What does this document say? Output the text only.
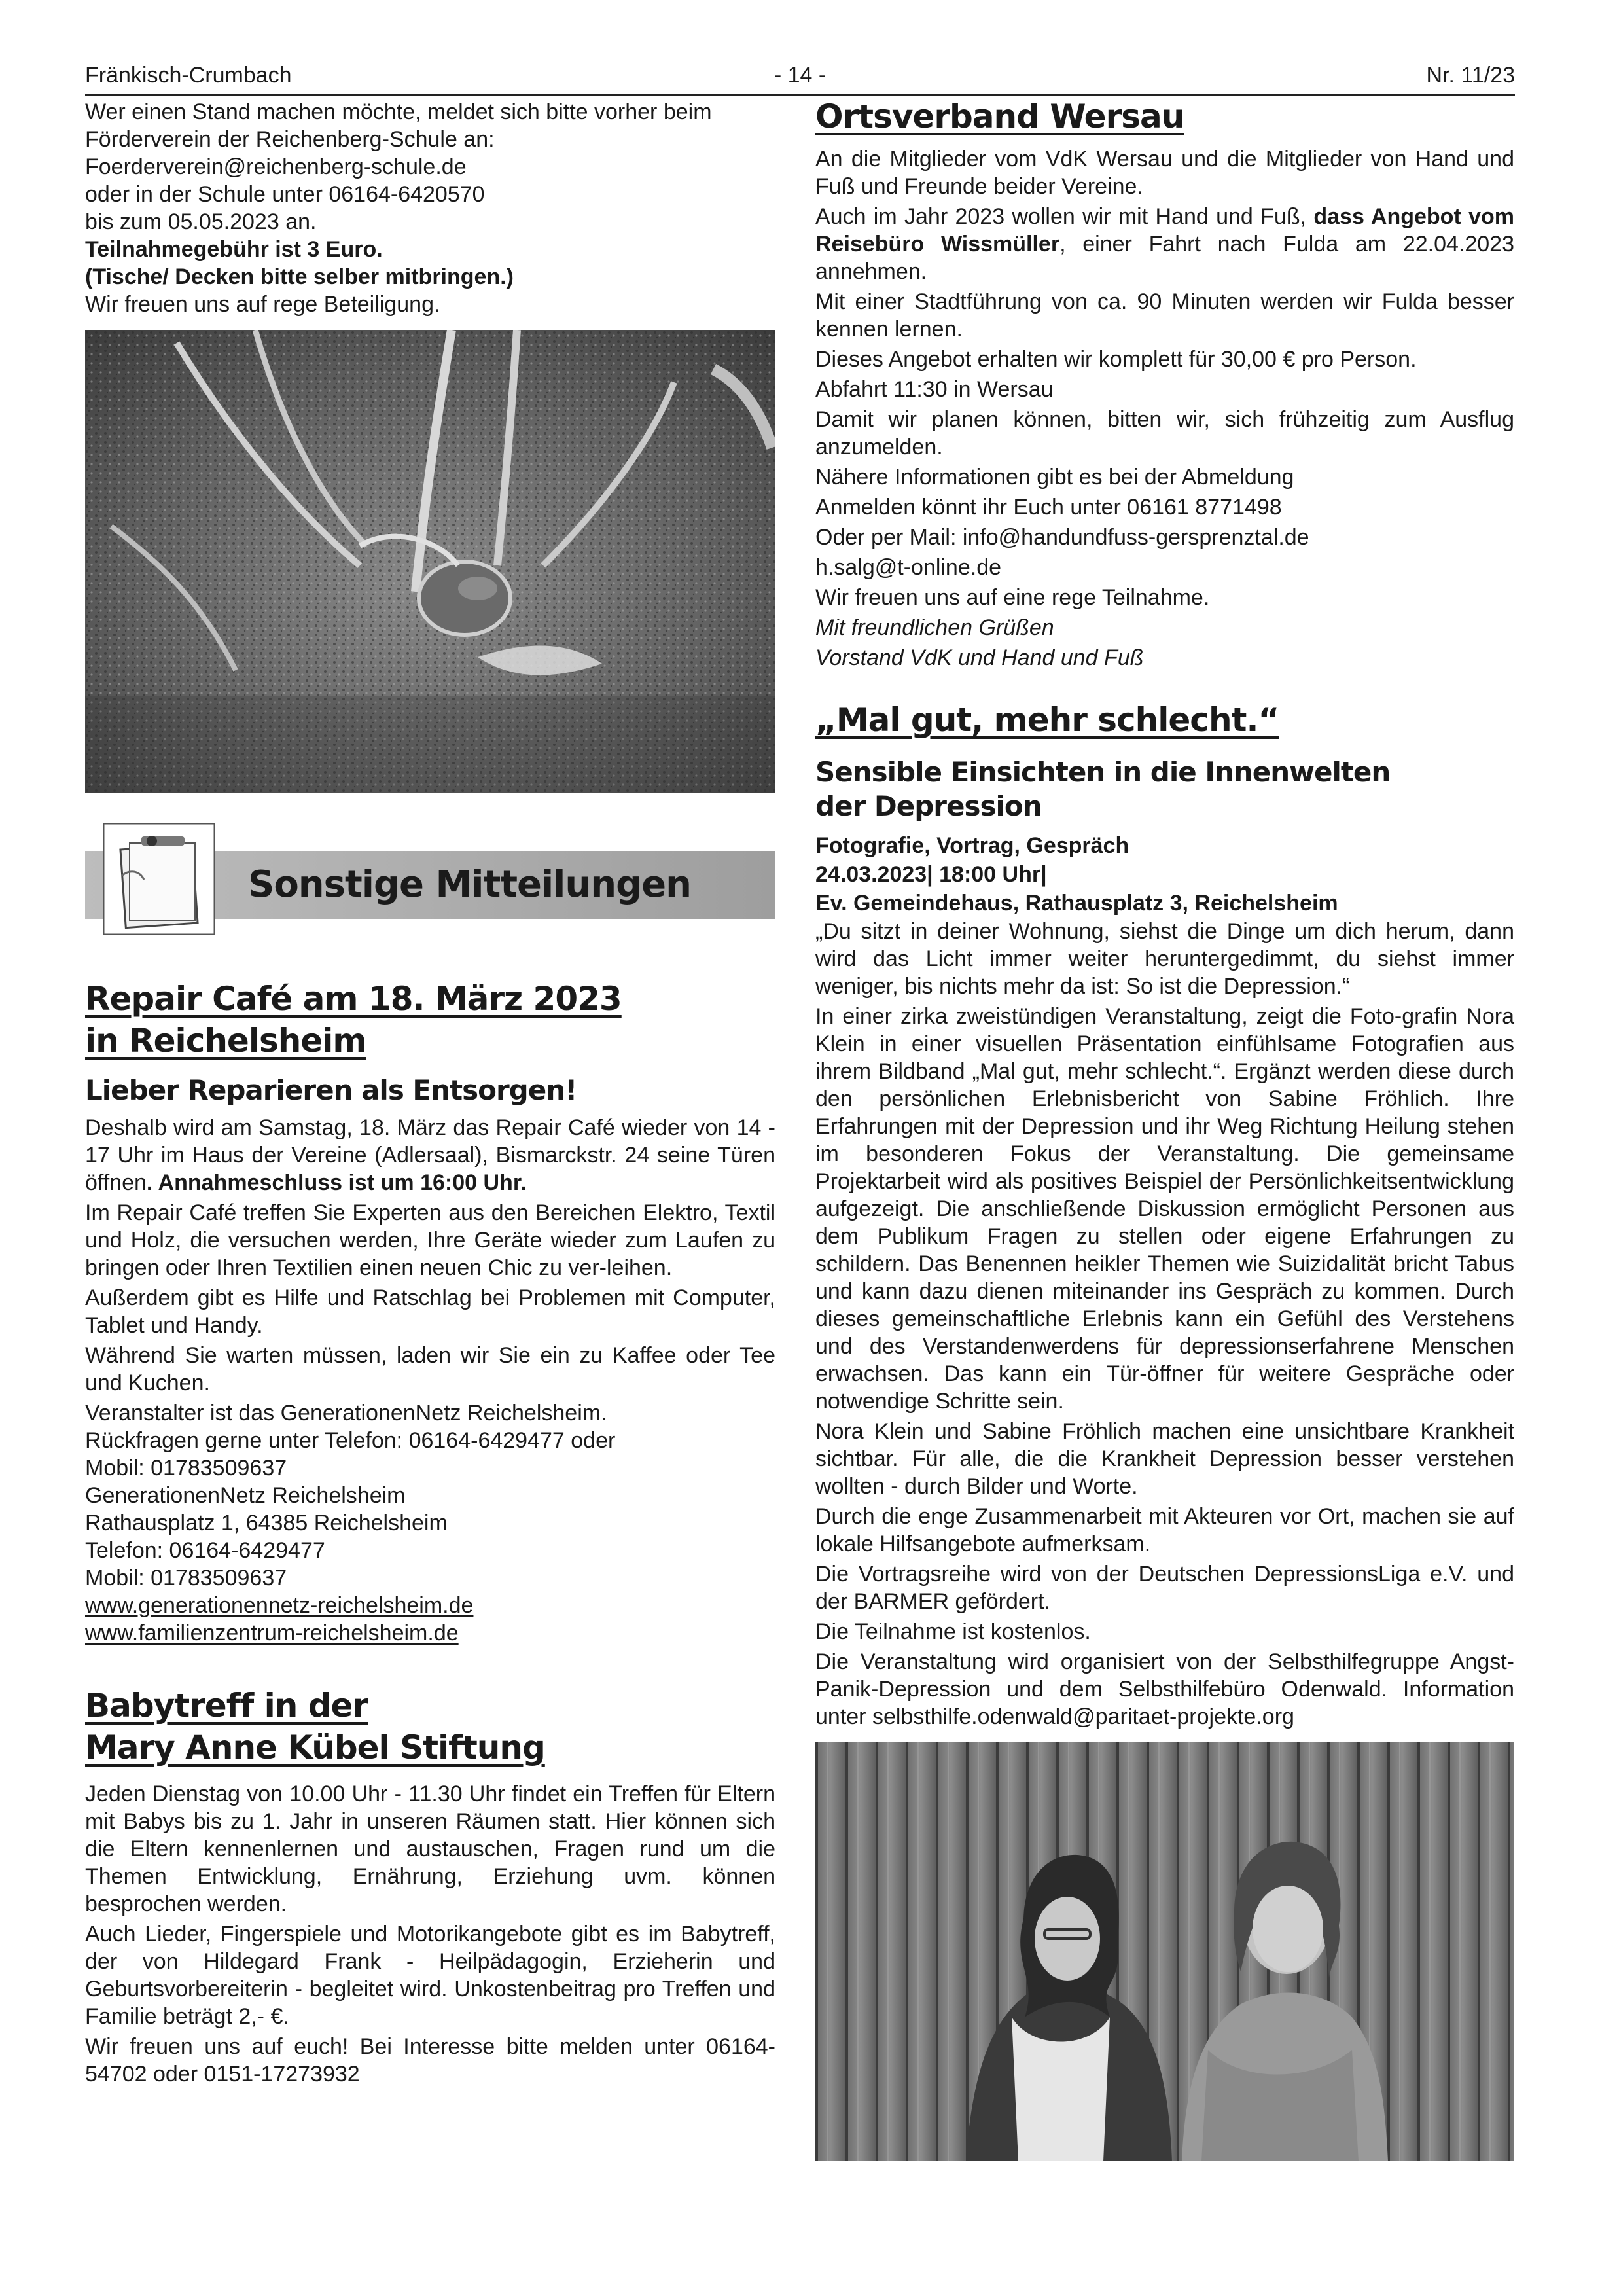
Fränkisch-Crumbach	- 14 -	Nr. 11/23

Wer einen Stand machen möchte, meldet sich bitte vorher beim Förderverein der Reichenberg-Schule an:

Foerderverein@reichenberg-schule.de

oder in der Schule unter 06164-6420570

bis zum 05.05.2023 an.

Teilnahmegebühr ist 3 Euro.

(Tische/ Decken bitte selber mitbringen.)

Wir freuen uns auf rege Beteiligung.

Sonstige Mitteilungen
Repair Café am 18. März 2023
in Reichelsheim
Lieber Reparieren als Entsorgen!

Deshalb wird am Samstag, 18. März das Repair Café wieder von 14 - 17 Uhr im Haus der Vereine (Adlersaal), Bismarckstr. 24 seine Türen öffnen. Annahmeschluss ist um 16:00 Uhr.

Im Repair Café treffen Sie Experten aus den Bereichen Elektro, Textil und Holz, die versuchen werden, Ihre Geräte wieder zum Laufen zu bringen oder Ihren Textilien einen neuen Chic zu ver-leihen.

Außerdem gibt es Hilfe und Ratschlag bei Problemen mit Computer, Tablet und Handy.

Während Sie warten müssen, laden wir Sie ein zu Kaffee oder Tee und Kuchen.

Veranstalter ist das GenerationenNetz Reichelsheim.

Rückfragen gerne unter Telefon: 06164-6429477 oder

Mobil: 01783509637

GenerationenNetz Reichelsheim

Rathausplatz 1, 64385 Reichelsheim

Telefon: 06164-6429477

Mobil: 01783509637

www.generationennetz-reichelsheim.de

www.familienzentrum-reichelsheim.de

Babytreff in der
Mary Anne Kübel Stiftung

Jeden Dienstag von 10.00 Uhr - 11.30 Uhr findet ein Treffen für Eltern mit Babys bis zu 1. Jahr in unseren Räumen statt. Hier können sich die Eltern kennenlernen und austauschen, Fragen rund um die Themen Entwicklung, Ernährung, Erziehung uvm. können besprochen werden.

Auch Lieder, Fingerspiele und Motorikangebote gibt es im Babytreff, der von Hildegard Frank - Heilpädagogin, Erzieherin und Geburtsvorbereiterin - begleitet wird. Unkostenbeitrag pro Treffen und Familie beträgt 2,- €.

Wir freuen uns auf euch! Bei Interesse bitte melden unter 06164-54702 oder 0151-17273932

Ortsverband Wersau

An die Mitglieder vom VdK Wersau und die Mitglieder von Hand und Fuß und Freunde beider Vereine.

Auch im Jahr 2023 wollen wir mit Hand und Fuß, dass Angebot vom Reisebüro Wissmüller, einer Fahrt nach Fulda am 22.04.2023 annehmen.

Mit einer Stadtführung von ca. 90 Minuten werden wir Fulda besser kennen lernen.

Dieses Angebot erhalten wir komplett für 30,00 € pro Person.

Abfahrt 11:30 in Wersau

Damit wir planen können, bitten wir, sich frühzeitig zum Ausflug anzumelden.

Nähere Informationen gibt es bei der Abmeldung

Anmelden könnt ihr Euch unter 06161 8771498

Oder per Mail: info@handundfuss-gersprenztal.de

h.salg@t-online.de

Wir freuen uns auf eine rege Teilnahme.

Mit freundlichen Grüßen

Vorstand VdK und Hand und Fuß

„Mal gut, mehr schlecht.“
Sensible Einsichten in die Innenwelten
der Depression

Fotografie, Vortrag, Gespräch

24.03.2023| 18:00 Uhr|

Ev. Gemeindehaus, Rathausplatz 3, Reichelsheim

„Du sitzt in deiner Wohnung, siehst die Dinge um dich herum, dann wird das Licht immer weiter heruntergedimmt, du siehst immer weniger, bis nichts mehr da ist: So ist die Depression.“

In einer zirka zweistündigen Veranstaltung, zeigt die Foto-grafin Nora Klein in einer visuellen Präsentation einfühlsame Fotografien aus ihrem Bildband „Mal gut, mehr schlecht.“. Ergänzt werden diese durch den persönlichen Erlebnisbericht von Sabine Fröhlich. Ihre Erfahrungen mit der Depression und ihr Weg Richtung Heilung stehen im besonderen Fokus der Veranstaltung. Die gemeinsame Projektarbeit wird als positives Beispiel der Persönlichkeitsentwicklung aufgezeigt. Die anschließende Diskussion ermöglicht Personen aus dem Publikum Fragen zu stellen oder eigene Erfahrungen zu schildern. Das Benennen heikler Themen wie Suizidalität bricht Tabus und kann dazu dienen miteinander ins Gespräch zu kommen. Durch dieses gemeinschaftliche Erlebnis kann ein Gefühl des Verstehens und des Verstandenwerdens für depressionserfahrene Menschen erwachsen. Das kann ein Tür-öffner für weitere Gespräche oder notwendige Schritte sein.

Nora Klein und Sabine Fröhlich machen eine unsichtbare Krankheit sichtbar. Für alle, die die Krankheit Depression besser verstehen wollten - durch Bilder und Worte.

Durch die enge Zusammenarbeit mit Akteuren vor Ort, machen sie auf lokale Hilfsangebote aufmerksam.

Die Vortragsreihe wird von der Deutschen DepressionsLiga e.V. und der BARMER gefördert.

Die Teilnahme ist kostenlos.

Die Veranstaltung wird organisiert von der Selbsthilfegruppe Angst-Panik-Depression und dem Selbsthilfebüro Odenwald. Information unter selbsthilfe.odenwald@paritaet-projekte.org
